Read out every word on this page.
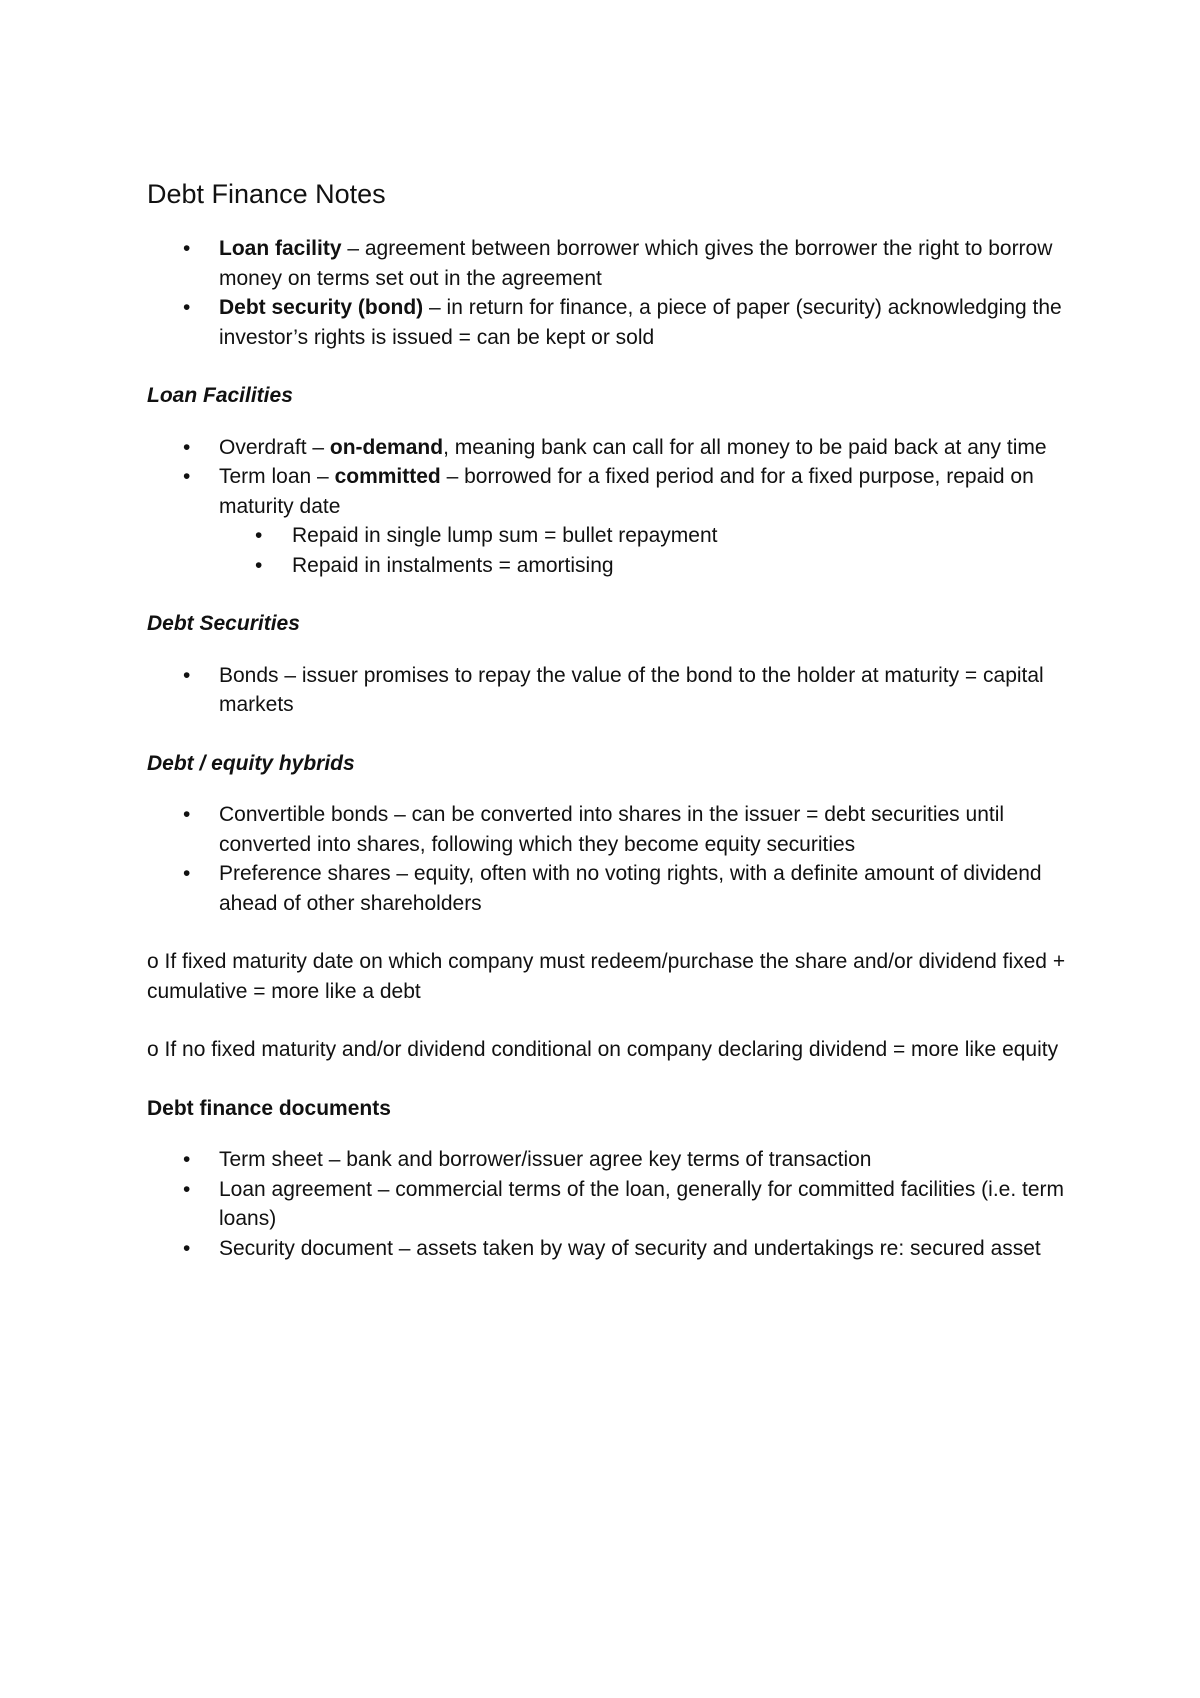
Debt Finance Notes
• Loan facility – agreement between borrower which gives the borrower the right to borrow money on terms set out in the agreement
• Debt security (bond) – in return for finance, a piece of paper (security) acknowledging the investor’s rights is issued = can be kept or sold
Loan Facilities
• Overdraft – on-demand, meaning bank can call for all money to be paid back at any time
• Term loan – committed – borrowed for a fixed period and for a fixed purpose, repaid on maturity date
• Repaid in single lump sum = bullet repayment
• Repaid in instalments = amortising
Debt Securities
• Bonds – issuer promises to repay the value of the bond to the holder at maturity = capital markets
Debt / equity hybrids
• Convertible bonds – can be converted into shares in the issuer = debt securities until converted into shares, following which they become equity securities
• Preference shares – equity, often with no voting rights, with a definite amount of dividend ahead of other shareholders

o If fixed maturity date on which company must redeem/purchase the share and/or dividend fixed + cumulative = more like a debt

o If no fixed maturity and/or dividend conditional on company declaring dividend = more like equity

Debt finance documents
• Term sheet – bank and borrower/issuer agree key terms of transaction
• Loan agreement – commercial terms of the loan, generally for committed facilities (i.e. term loans)
• Security document – assets taken by way of security and undertakings re: secured asset
